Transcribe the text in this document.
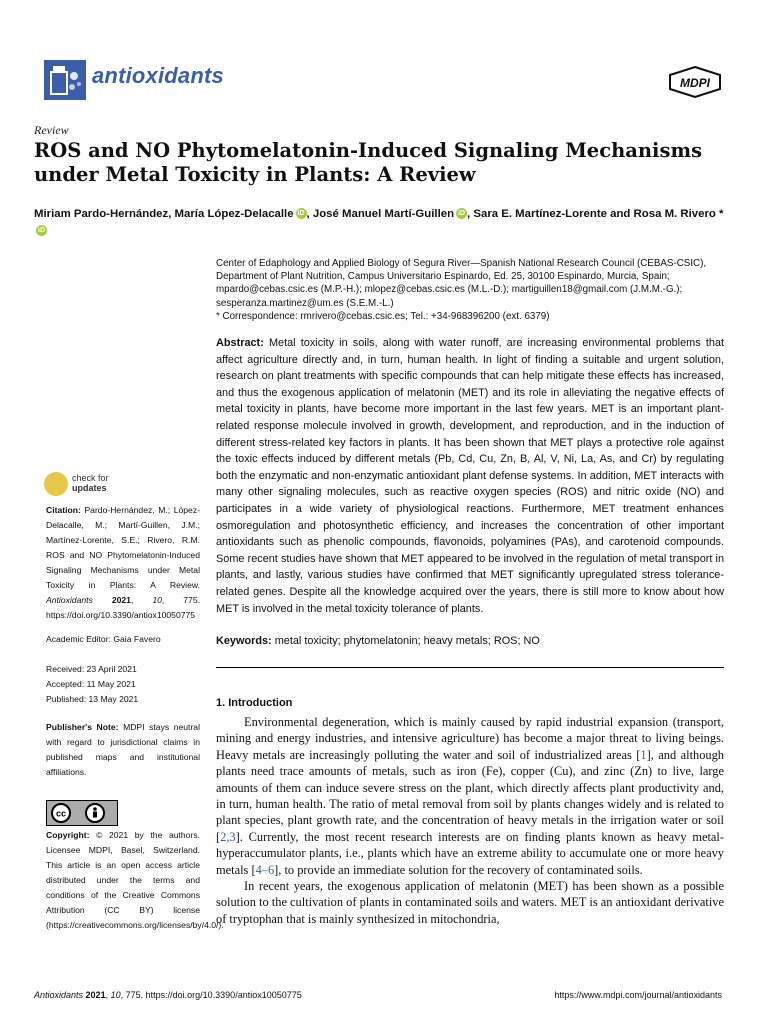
antioxidants	MDPI
Review
ROS and NO Phytomelatonin-Induced Signaling Mechanisms under Metal Toxicity in Plants: A Review
Miriam Pardo-Hernández, María López-Delacalle iD , José Manuel Martí-Guillen iD , Sara E. Martínez-Lorente and Rosa M. Rivero *iD
Center of Edaphology and Applied Biology of Segura River—Spanish National Research Council (CEBAS-CSIC),
Department of Plant Nutrition, Campus Universitario Espinardo, Ed. 25, 30100 Espinardo, Murcia, Spain;
mpardo@cebas.csic.es (M.P.-H.); mlopez@cebas.csic.es (M.L.-D.); martiguillen18@gmail.com (J.M.M.-G.);
sesperanza.martinez@um.es (S.E.M.-L.)
* Correspondence: rmrivero@cebas.csic.es; Tel.: +34-968396200 (ext. 6379)
Abstract: Metal toxicity in soils, along with water runoff, are increasing environmental problems that affect agriculture directly and, in turn, human health. In light of finding a suitable and urgent solution, research on plant treatments with specific compounds that can help mitigate these effects has increased, and thus the exogenous application of melatonin (MET) and its role in alleviating the negative effects of metal toxicity in plants, have become more important in the last few years. MET is an important plant-related response molecule involved in growth, development, and reproduction, and in the induction of different stress-related key factors in plants. It has been shown that MET plays a protective role against the toxic effects induced by different metals (Pb, Cd, Cu, Zn, B, Al, V, Ni, La, As, and Cr) by regulating both the enzymatic and non-enzymatic antioxidant plant defense systems. In addition, MET interacts with many other signaling molecules, such as reactive oxygen species (ROS) and nitric oxide (NO) and participates in a wide variety of physiological reactions. Furthermore, MET treatment enhances osmoregulation and photosynthetic efficiency, and increases the concentration of other important antioxidants such as phenolic compounds, flavonoids, polyamines (PAs), and carotenoid compounds. Some recent studies have shown that MET appeared to be involved in the regulation of metal transport in plants, and lastly, various studies have confirmed that MET significantly upregulated stress tolerance-related genes. Despite all the knowledge acquired over the years, there is still more to know about how MET is involved in the metal toxicity tolerance of plants.
Keywords: metal toxicity; phytomelatonin; heavy metals; ROS; NO
check for
updates
Citation: Pardo-Hernández, M.; López-Delacalle, M.; Martí-Guillen, J.M.; Martínez-Lorente, S.E.; Rivero, R.M. ROS and NO Phytomelatonin-Induced Signaling Mechanisms under Metal Toxicity in Plants: A Review. Antioxidants 2021, 10, 775. https://doi.org/10.3390/antiox10050775
Academic Editor: Gaia Favero
Received: 23 April 2021
Accepted: 11 May 2021
Published: 13 May 2021
Publisher's Note: MDPI stays neutral with regard to jurisdictional claims in published maps and institutional affiliations.
cc
Copyright: © 2021 by the authors. Licensee MDPI, Basel, Switzerland. This article is an open access article distributed under the terms and conditions of the Creative Commons Attribution (CC BY) license (https://creativecommons.org/licenses/by/4.0/).
1. Introduction

Environmental degeneration, which is mainly caused by rapid industrial expansion (transport, mining and energy industries, and intensive agriculture) has become a major threat to living beings. Heavy metals are increasingly polluting the water and soil of industrialized areas [1], and although plants need trace amounts of metals, such as iron (Fe), copper (Cu), and zinc (Zn) to live, large amounts of them can induce severe stress on the plant, which directly affects plant productivity and, in turn, human health. The ratio of metal removal from soil by plants changes widely and is related to plant species, plant growth rate, and the concentration of heavy metals in the irrigation water or soil [2,3]. Currently, the most recent research interests are on finding plants known as heavy metal-hyperaccumulator plants, i.e., plants which have an extreme ability to accumulate one or more heavy metals [4–6], to provide an immediate solution for the recovery of contaminated soils.

In recent years, the exogenous application of melatonin (MET) has been shown as a possible solution to the cultivation of plants in contaminated soils and waters. MET is an antioxidant derivative of tryptophan that is mainly synthesized in mitochondria,

Antioxidants 2021, 10, 775. https://doi.org/10.3390/antiox10050775	https://www.mdpi.com/journal/antioxidants
